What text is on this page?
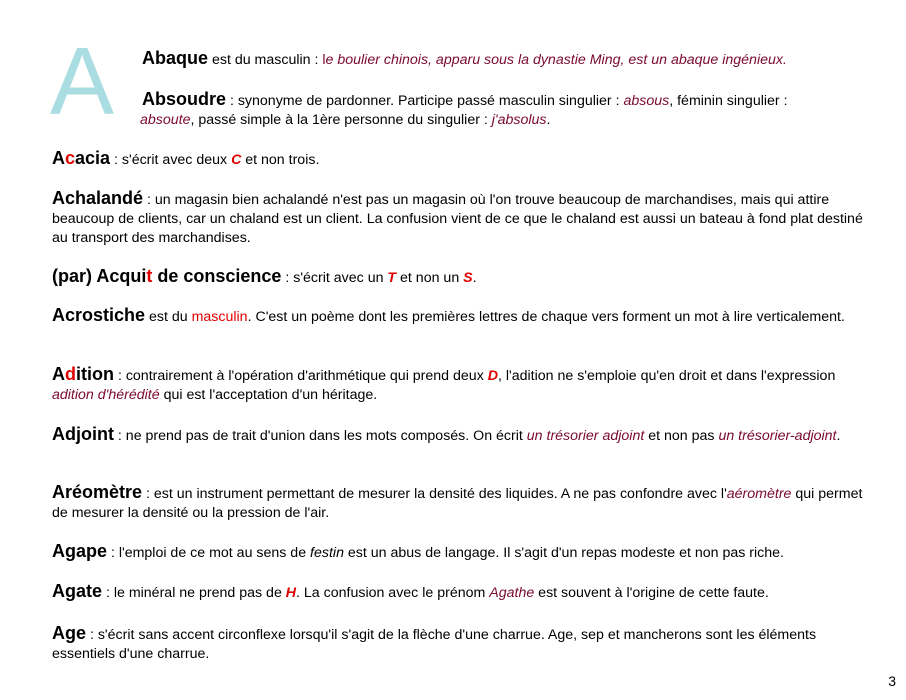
A Abaque est du masculin : le boulier chinois, apparu sous la dynastie Ming, est un abaque ingénieux.
Absoudre : synonyme de pardonner. Participe passé masculin singulier : absous, féminin singulier :
absoute, passé simple à la 1ère personne du singulier : j'absolus.
Acacia : s'écrit avec deux C et non trois.
Achalandé : un magasin bien achalandé n'est pas un magasin où l'on trouve beaucoup de marchandises, mais qui attire beaucoup de clients, car un chaland est un client. La confusion vient de ce que le chaland est aussi un bateau à fond plat destiné au transport des marchandises.
(par) Acquit de conscience : s'écrit avec un T et non un S.
Acrostiche est du masculin. C'est un poème dont les premières lettres de chaque vers forment un mot à lire verticalement.
Adition : contrairement à l'opération d'arithmétique qui prend deux D, l'adition ne s'emploie qu'en droit et dans l'expression adition d'hérédité qui est l'acceptation d'un héritage.
Adjoint : ne prend pas de trait d'union dans les mots composés. On écrit un trésorier adjoint et non pas un trésorier-adjoint.
Aréomètre : est un instrument permettant de mesurer la densité des liquides. A ne pas confondre avec l'aéromètre qui permet de mesurer la densité ou la pression de l'air.
Agape : l'emploi de ce mot au sens de festin est un abus de langage. Il s'agit d'un repas modeste et non pas riche.
Agate : le minéral ne prend pas de H. La confusion avec le prénom Agathe est souvent à l'origine de cette faute.
Age : s'écrit sans accent circonflexe lorsqu'il s'agit de la flèche d'une charrue. Age, sep et mancherons sont les éléments essentiels d'une charrue.
3
